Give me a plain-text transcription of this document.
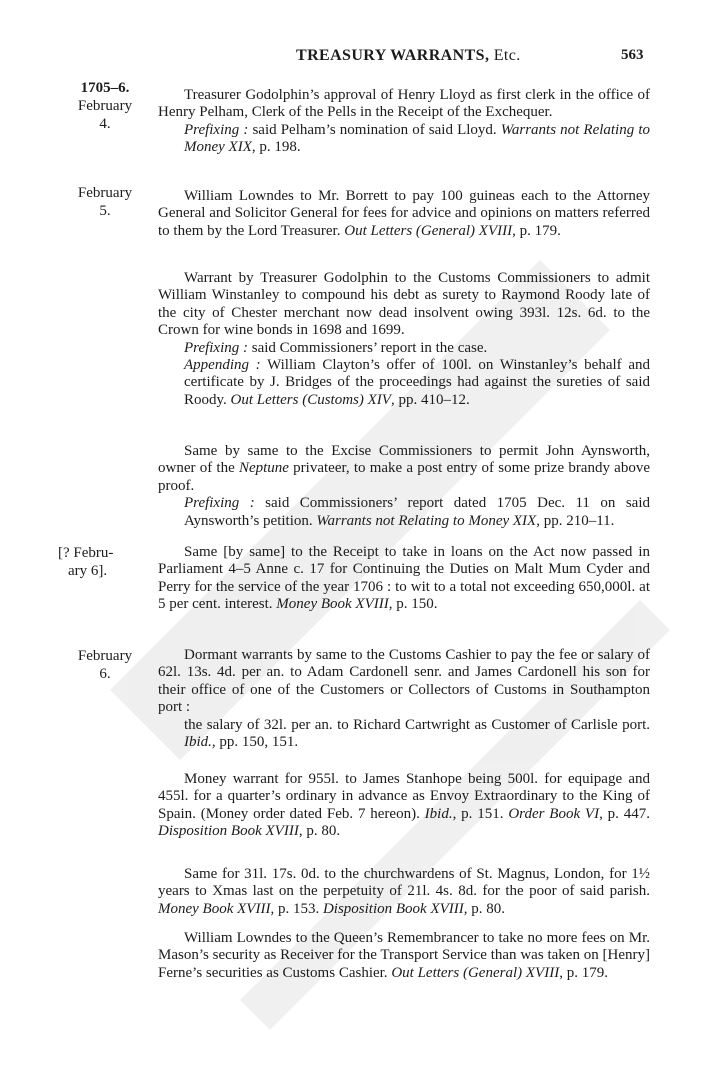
TREASURY WARRANTS, Etc.	563
1705–6.
February
4.

Treasurer Godolphin’s approval of Henry Lloyd as first clerk in the office of Henry Pelham, Clerk of the Pells in the Receipt of the Exchequer.

Prefixing : said Pelham’s nomination of said Lloyd. Warrants not Relating to Money XIX, p. 198.

February
5.

William Lowndes to Mr. Borrett to pay 100 guineas each to the Attorney General and Solicitor General for fees for advice and opinions on matters referred to them by the Lord Treasurer. Out Letters (General) XVIII, p. 179.

Warrant by Treasurer Godolphin to the Customs Commissioners to admit William Winstanley to compound his debt as surety to Raymond Roody late of the city of Chester merchant now dead insolvent owing 393l. 12s. 6d. to the Crown for wine bonds in 1698 and 1699.

Prefixing : said Commissioners’ report in the case.

Appending : William Clayton’s offer of 100l. on Winstanley’s behalf and certificate by J. Bridges of the proceedings had against the sureties of said Roody. Out Letters (Customs) XIV, pp. 410–12.

Same by same to the Excise Commissioners to permit John Aynsworth, owner of the Neptune privateer, to make a post entry of some prize brandy above proof.

Prefixing : said Commissioners’ report dated 1705 Dec. 11 on said Aynsworth’s petition. Warrants not Relating to Money XIX, pp. 210–11.

[? Febru-
ary 6].

Same [by same] to the Receipt to take in loans on the Act now passed in Parliament 4–5 Anne c. 17 for Continuing the Duties on Malt Mum Cyder and Perry for the service of the year 1706 : to wit to a total not exceeding 650,000l. at 5 per cent. interest. Money Book XVIII, p. 150.

February
6.

Dormant warrants by same to the Customs Cashier to pay the fee or salary of 62l. 13s. 4d. per an. to Adam Cardonell senr. and James Cardonell his son for their office of one of the Customers or Collectors of Customs in Southampton port :

the salary of 32l. per an. to Richard Cartwright as Customer of Carlisle port. Ibid., pp. 150, 151.

Money warrant for 955l. to James Stanhope being 500l. for equipage and 455l. for a quarter’s ordinary in advance as Envoy Extraordinary to the King of Spain. (Money order dated Feb. 7 hereon). Ibid., p. 151. Order Book VI, p. 447. Disposition Book XVIII, p. 80.

Same for 31l. 17s. 0d. to the churchwardens of St. Magnus, London, for 1½ years to Xmas last on the perpetuity of 21l. 4s. 8d. for the poor of said parish. Money Book XVIII, p. 153. Disposition Book XVIII, p. 80.

William Lowndes to the Queen’s Remembrancer to take no more fees on Mr. Mason’s security as Receiver for the Transport Service than was taken on [Henry] Ferne’s securities as Customs Cashier. Out Letters (General) XVIII, p. 179.
